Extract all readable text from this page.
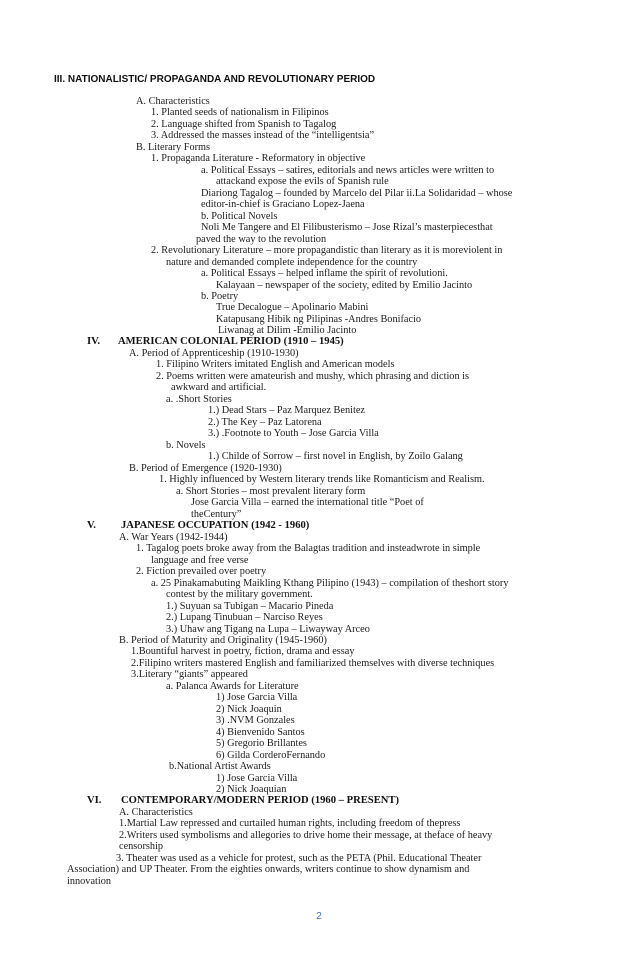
III. NATIONALISTIC/ PROPAGANDA AND REVOLUTIONARY PERIOD
A. Characteristics
1. Planted seeds of nationalism in Filipinos
2. Language shifted from Spanish to Tagalog
3. Addressed the masses instead of the “intelligentsia”
B. Literary Forms
1. Propaganda Literature - Reformatory in objective
a. Political Essays – satires, editorials and news articles were written to
attackand expose the evils of Spanish rule
Diariong Tagalog – founded by Marcelo del Pilar ii.La Solidaridad – whose
editor-in-chief is Graciano Lopez-Jaena
b. Political Novels
Noli Me Tangere and El Filibusterismo – Jose Rizal’s masterpiecesthat
paved the way to the revolution
2. Revolutionary Literature – more propagandistic than literary as it is moreviolent in
nature and demanded complete independence for the country
a. Political Essays – helped inflame the spirit of revolutioni.
Kalayaan – newspaper of the society, edited by Emilio Jacinto
b. Poetry
True Decalogue – Apolinario Mabini
Katapusang Hibik ng Pilipinas -Andres Bonifacio
Liwanag at Dilim -Emilio Jacinto
IV. AMERICAN COLONIAL PERIOD (1910 – 1945)
A. Period of Apprenticeship (1910-1930)
1. Filipino Writers imitated English and American models
2. Poems written were amateurish and mushy, which phrasing and diction is
awkward and artificial.
a. .Short Stories
1.) Dead Stars – Paz Marquez Benitez
2.) The Key – Paz Latorena
3.) .Footnote to Youth – Jose Garcia Villa
b. Novels
1.) Childe of Sorrow – first novel in English, by Zoilo Galang
B. Period of Emergence (1920-1930)
1. Highly influenced by Western literary trends like Romanticism and Realism.
a. Short Stories – most prevalent literary form
Jose Garcia Villa – earned the international title “Poet of
theCentury”
V. JAPANESE OCCUPATION (1942 - 1960)
A. War Years (1942-1944)
1. Tagalog poets broke away from the Balagtas tradition and insteadwrote in simple
language and free verse
2. Fiction prevailed over poetry
a. 25 Pinakamabuting Maikling Kthang Pilipino (1943) – compilation of theshort story
contest by the military government.
1.) Suyuan sa Tubigan – Macario Pineda
2.) Lupang Tinubuan – Narciso Reyes
3.) Uhaw ang Tigang na Lupa – Liwayway Arceo
B. Period of Maturity and Originality (1945-1960)
1.Bountiful harvest in poetry, fiction, drama and essay
2.Filipino writers mastered English and familiarized themselves with diverse techniques
3.Literary “giants” appeared
a. Palanca Awards for Literature
1) Jose Garcia Villa
2) Nick Joaquin
3) .NVM Gonzales
4) Bienvenido Santos
5) Gregorio Brillantes
6) Gilda CorderoFernando
b.National Artist Awards
1) Jose Garcia Villa
2) Nick Joaquian
VI. CONTEMPORARY/MODERN PERIOD (1960 – PRESENT)
A. Characteristics
1.Martial Law repressed and curtailed human rights, including freedom of thepress
2.Writers used symbolisms and allegories to drive home their message, at theface of heavy
censorship
3. Theater was used as a vehicle for protest, such as the PETA (Phil. Educational Theater
Association) and UP Theater. From the eighties onwards, writers continue to show dynamism and
innovation
2
